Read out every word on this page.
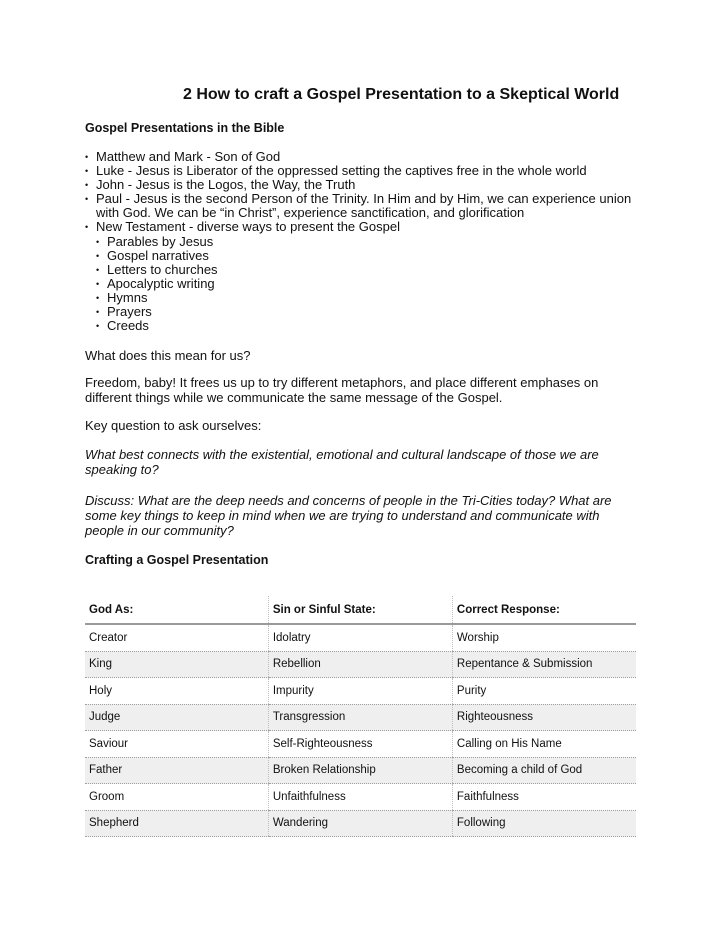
2 How to craft a Gospel Presentation to a Skeptical World
Gospel Presentations in the Bible
• Matthew and Mark - Son of God
• Luke - Jesus is Liberator of the oppressed setting the captives free in the whole world
• John - Jesus is the Logos, the Way, the Truth
• Paul - Jesus is the second Person of the Trinity. In Him and by Him, we can experience union with God. We can be “in Christ”, experience sanctification, and glorification
• New Testament - diverse ways to present the Gospel
• Parables by Jesus
• Gospel narratives
• Letters to churches
• Apocalyptic writing
• Hymns
• Prayers
• Creeds
What does this mean for us?
Freedom, baby! It frees us up to try different metaphors, and place different emphases on different things while we communicate the same message of the Gospel.
Key question to ask ourselves:
What best connects with the existential, emotional and cultural landscape of those we are speaking to?
Discuss: What are the deep needs and concerns of people in the Tri-Cities today? What are some key things to keep in mind when we are trying to understand and communicate with people in our community?
Crafting a Gospel Presentation
God As:	Sin or Sinful State:	Correct Response:
Creator	Idolatry	Worship
King	Rebellion	Repentance & Submission
Holy	Impurity	Purity
Judge	Transgression	Righteousness
Saviour	Self-Righteousness	Calling on His Name
Father	Broken Relationship	Becoming a child of God
Groom	Unfaithfulness	Faithfulness
Shepherd	Wandering	Following
